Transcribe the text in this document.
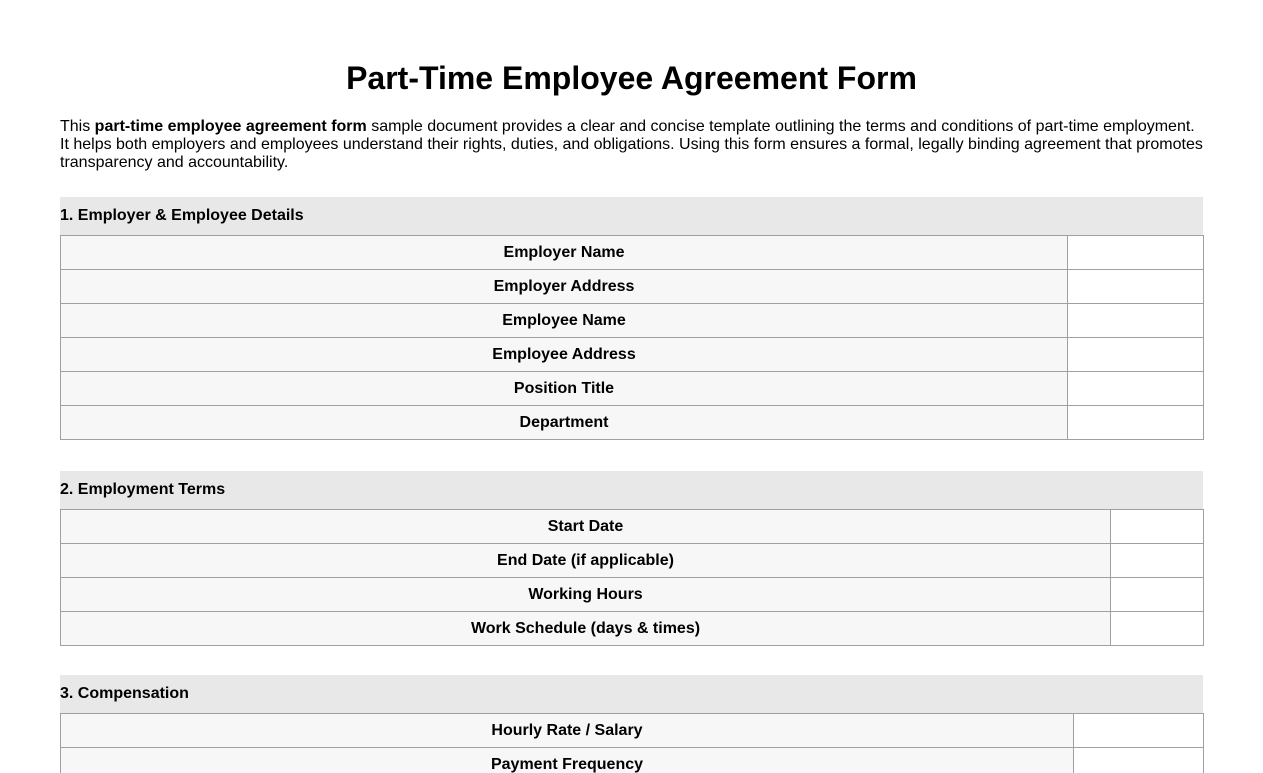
Part-Time Employee Agreement Form

This part-time employee agreement form sample document provides a clear and concise template outlining the terms and conditions of part-time employment. It helps both employers and employees understand their rights, duties, and obligations. Using this form ensures a formal, legally binding agreement that promotes transparency and accountability.

1. Employer & Employee Details
Employer Name	
Employer Address	
Employee Name	
Employee Address	
Position Title	
Department	
2. Employment Terms
Start Date	
End Date (if applicable)	
Working Hours	
Work Schedule (days & times)	
3. Compensation
Hourly Rate / Salary	
Payment Frequency	
